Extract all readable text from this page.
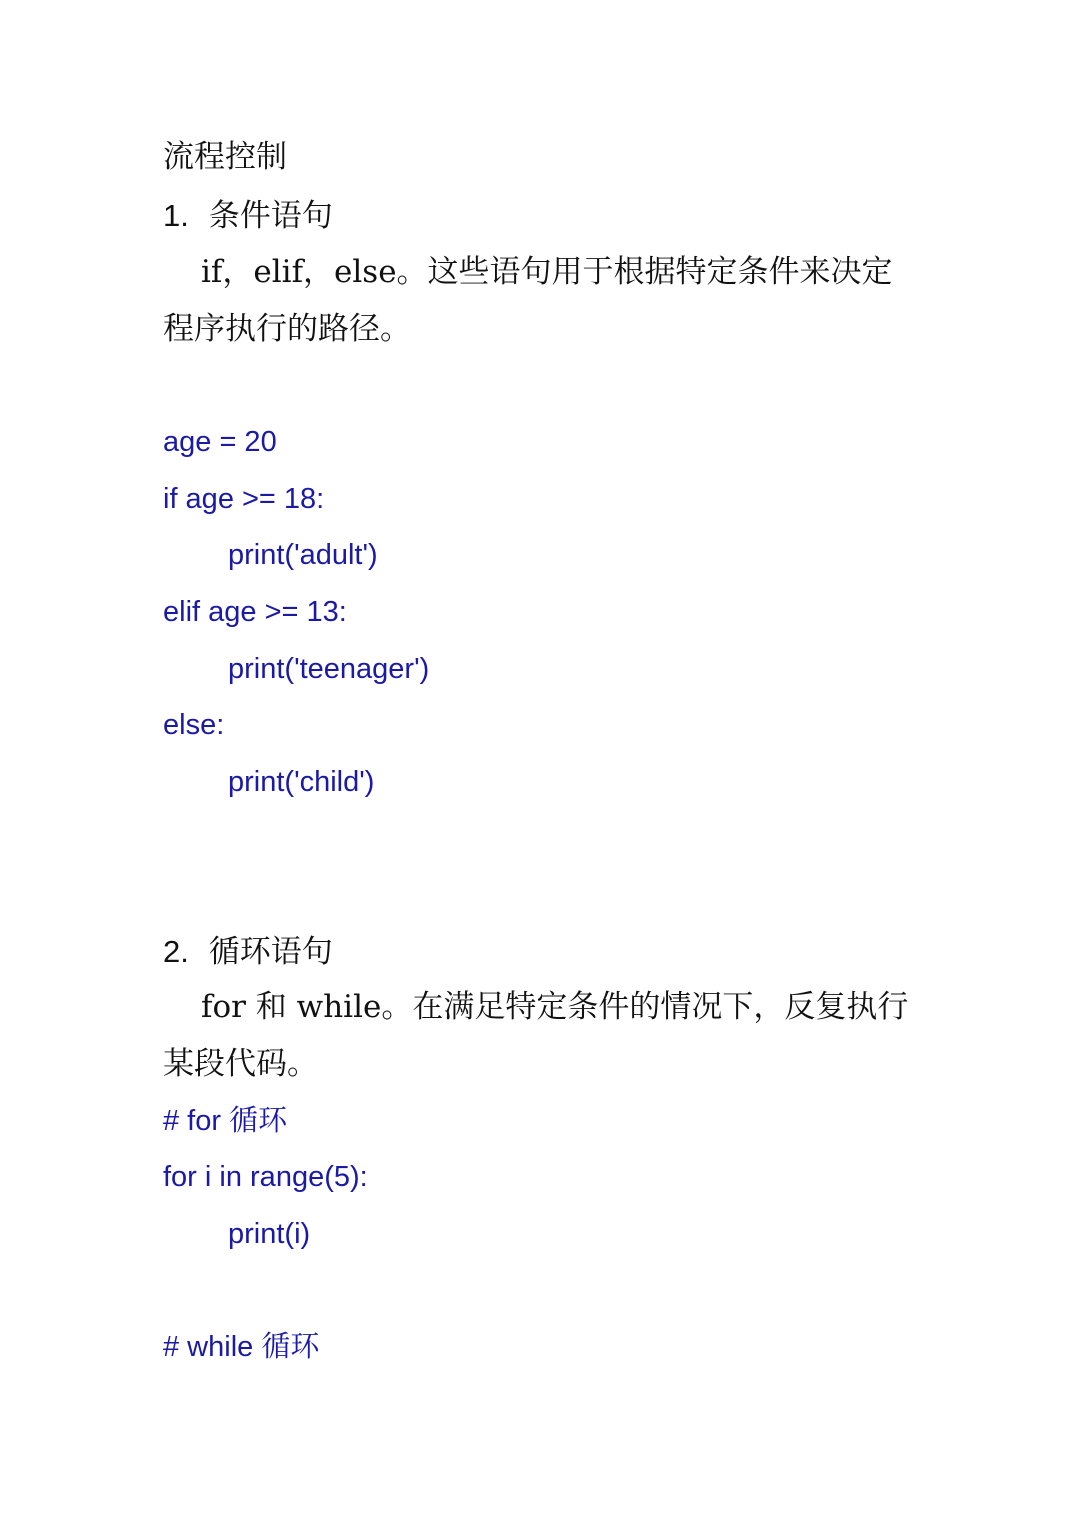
流程控制
1. 条件语句
if，elif，else。这些语句用于根据特定条件来决定
程序执行的路径。
age = 20
if age >= 18:
print('adult')
elif age >= 13:
print('teenager')
else:
print('child')
2. 循环语句
for 和 while。在满足特定条件的情况下，反复执行
某段代码。
# for 循环
for i in range(5):
print(i)
# while 循环
